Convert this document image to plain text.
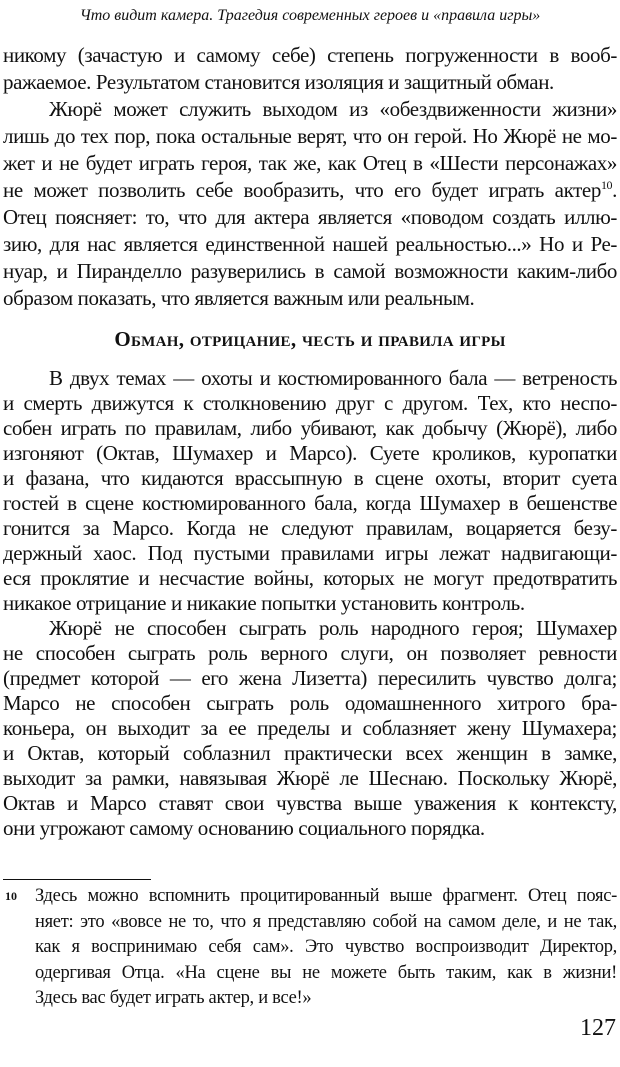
Что видит камера. Трагедия современных героев и «правила игры»
никому (зачастую и самому себе) степень погруженности в вооб-
ражаемое. Результатом становится изоляция и защитный обман.
Жюрё может служить выходом из «обездвиженности жизни»
лишь до тех пор, пока остальные верят, что он герой. Но Жюрё не мо-
жет и не будет играть героя, так же, как Отец в «Шести персонажах»
не может позволить себе вообразить, что его будет играть актер$^{10}$.
Отец поясняет: то, что для актера является «поводом создать иллю-
зию, для нас является единственной нашей реальностью...» Но и Ре-
нуар, и Пиранделло разуверились в самой возможности каким-либо
образом показать, что является важным или реальным.
Обман, отрицание, честь и правила игры
В двух темах — охоты и костюмированного бала — ветреность
и смерть движутся к столкновению друг с другом. Тех, кто неспо-
собен играть по правилам, либо убивают, как добычу (Жюрё), либо
изгоняют (Октав, Шумахер и Марсо). Суете кроликов, куропатки
и фазана, что кидаются врассыпную в сцене охоты, вторит суета
гостей в сцене костюмированного бала, когда Шумахер в бешенстве
гонится за Марсо. Когда не следуют правилам, воцаряется безу-
держный хаос. Под пустыми правилами игры лежат надвигающи-
еся проклятие и несчастие войны, которых не могут предотвратить
никакое отрицание и никакие попытки установить контроль.
Жюрё не способен сыграть роль народного героя; Шумахер
не способен сыграть роль верного слуги, он позволяет ревности
(предмет которой — его жена Лизетта) пересилить чувство долга;
Марсо не способен сыграть роль одомашненного хитрого бра-
коньера, он выходит за ее пределы и соблазняет жену Шумахера;
и Октав, который соблазнил практически всех женщин в замке,
выходит за рамки, навязывая Жюрё ле Шеснаю. Поскольку Жюрё,
Октав и Марсо ставят свои чувства выше уважения к контексту,
они угрожают самому основанию социального порядка.
10 Здесь можно вспомнить процитированный выше фрагмент. Отец пояс-
няет: это «вовсе не то, что я представляю собой на самом деле, и не так,
как я воспринимаю себя сам». Это чувство воспроизводит Директор,
одергивая Отца. «На сцене вы не можете быть таким, как в жизни!
Здесь вас будет играть актер, и все!»
127
